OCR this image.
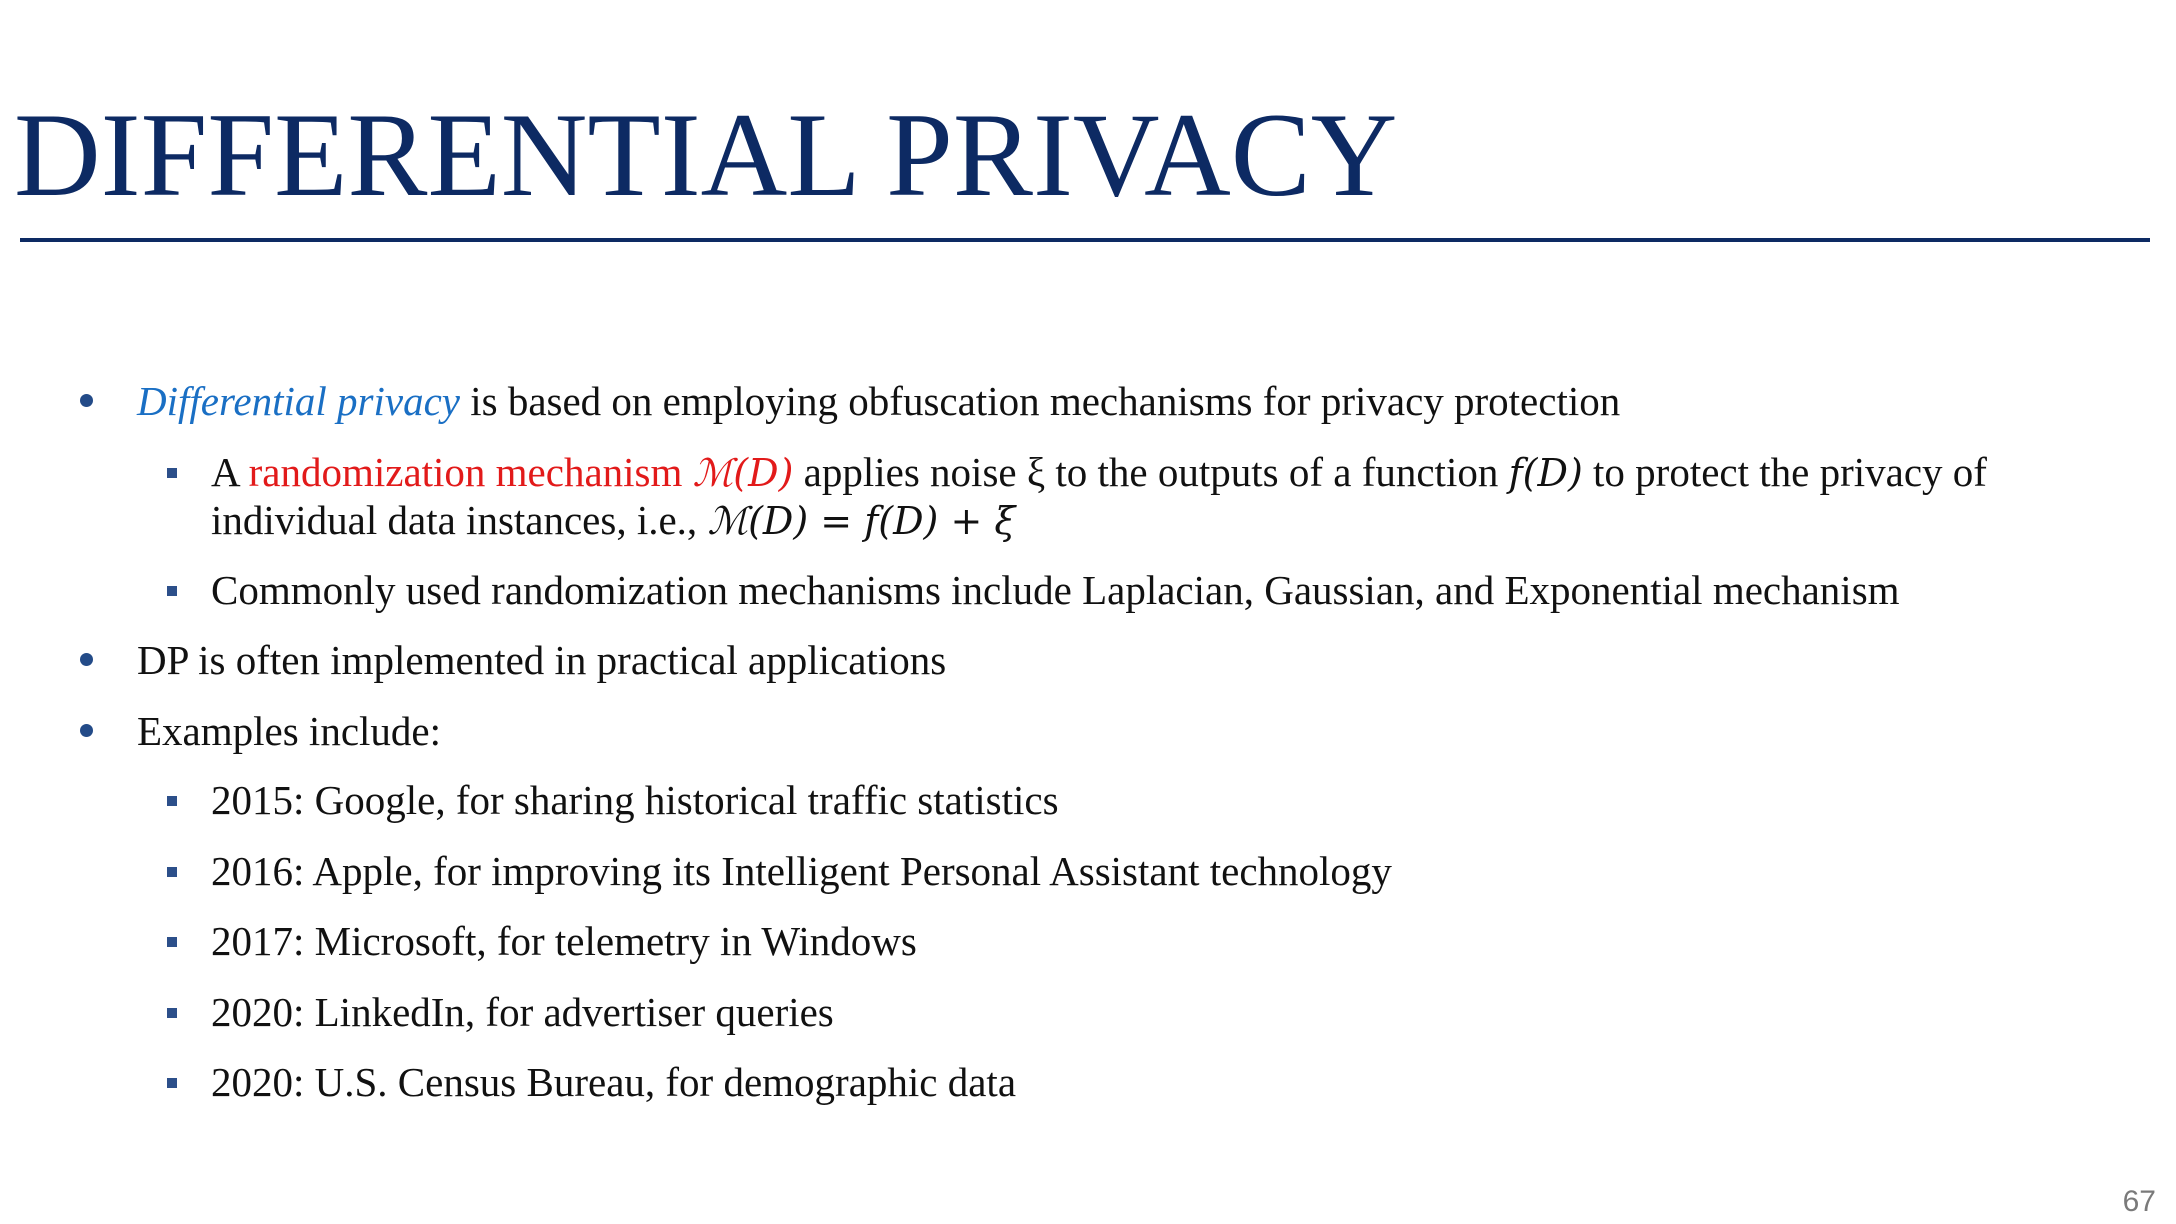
DIFFERENTIAL PRIVACY
Differential privacy is based on employing obfuscation mechanisms for privacy protection
A randomization mechanism ℳ(D) applies noise ξ to the outputs of a function f(D) to protect the privacy of
individual data instances, i.e., ℳ(D) = f(D) + ξ
Commonly used randomization mechanisms include Laplacian, Gaussian, and Exponential mechanism
DP is often implemented in practical applications
Examples include:
2015: Google, for sharing historical traffic statistics
2016: Apple, for improving its Intelligent Personal Assistant technology
2017: Microsoft, for telemetry in Windows
2020: LinkedIn, for advertiser queries
2020: U.S. Census Bureau, for demographic data
67
